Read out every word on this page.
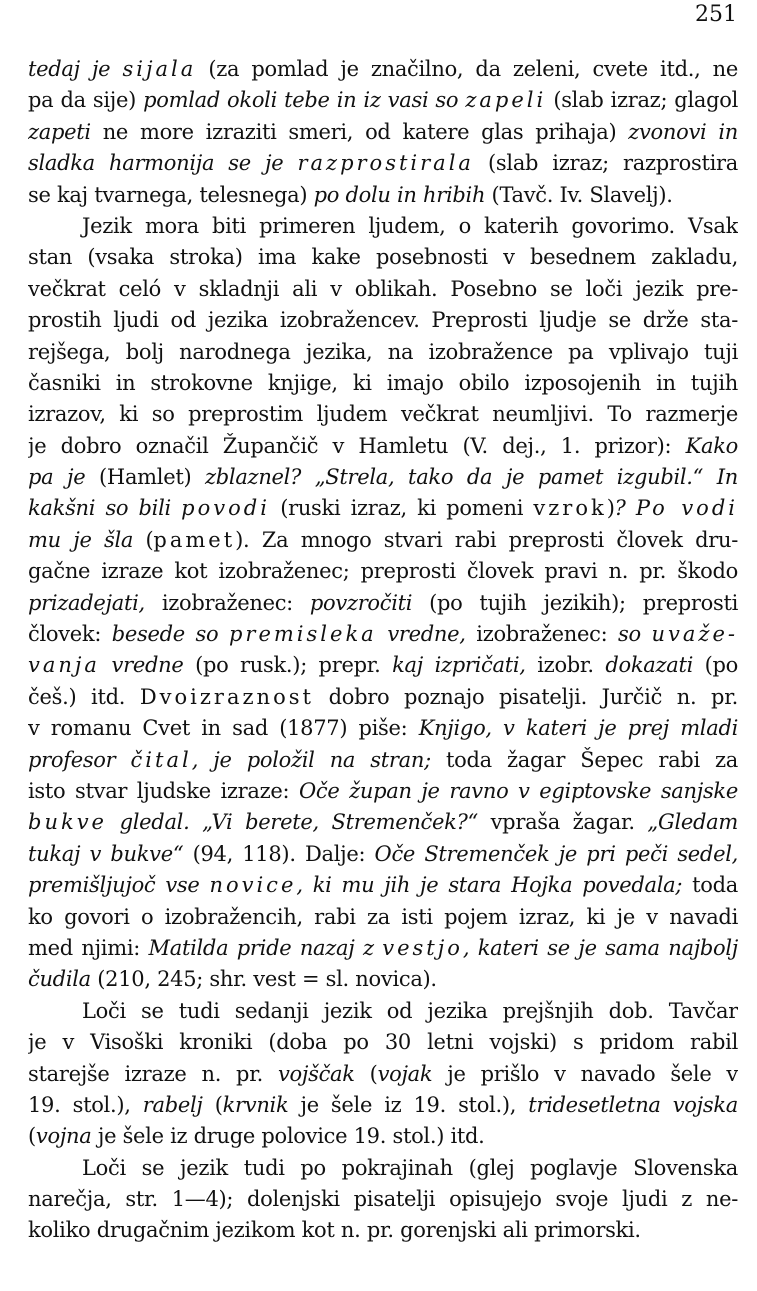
251
tedaj je sijala (za pomlad je značilno, da zeleni, cvete itd., ne
pa da sije) pomlad okoli tebe in iz vasi so zapeli (slab izraz; glagol
zapeti ne more izraziti smeri, od katere glas prihaja) zvonovi in
sladka harmonija se je razprostirala (slab izraz; razprostira
se kaj tvarnega, telesnega) po dolu in hribih (Tavč. Iv. Slavelj).
Jezik mora biti primeren ljudem, o katerih govorimo. Vsak
stan (vsaka stroka) ima kake posebnosti v besednem zakladu,
večkrat celó v skladnji ali v oblikah. Posebno se loči jezik pre-
prostih ljudi od jezika izobražencev. Preprosti ljudje se drže sta-
rejšega, bolj narodnega jezika, na izobražence pa vplivajo tuji
časniki in strokovne knjige, ki imajo obilo izposojenih in tujih
izrazov, ki so preprostim ljudem večkrat neumljivi. To razmerje
je dobro označil Župančič v Hamletu (V. dej., 1. prizor): Kako
pa je (Hamlet) zblaznel? „Strela, tako da je pamet izgubil.“ In
kakšni so bili povodi (ruski izraz, ki pomeni vzrok)? Po vodi
mu je šla (pamet). Za mnogo stvari rabi preprosti človek dru-
gačne izraze kot izobraženec; preprosti človek pravi n. pr. škodo
prizadejati, izobraženec: povzročiti (po tujih jezikih); preprosti
človek: besede so premisleka vredne, izobraženec: so uvaže-
vanja vredne (po rusk.); prepr. kaj izpričati, izobr. dokazati (po
češ.) itd. Dvoizraznost dobro poznajo pisatelji. Jurčič n. pr.
v romanu Cvet in sad (1877) piše: Knjigo, v kateri je prej mladi
profesor čital, je položil na stran; toda žagar Šepec rabi za
isto stvar ljudske izraze: Oče župan je ravno v egiptovske sanjske
bukve gledal. „Vi berete, Stremenček?“ vpraša žagar. „Gledam
tukaj v bukve“ (94, 118). Dalje: Oče Stremenček je pri peči sedel,
premišljujoč vse novice, ki mu jih je stara Hojka povedala; toda
ko govori o izobražencih, rabi za isti pojem izraz, ki je v navadi
med njimi: Matilda pride nazaj z vestjo, kateri se je sama najbolj
čudila (210, 245; shr. vest = sl. novica).
Loči se tudi sedanji jezik od jezika prejšnjih dob. Tavčar
je v Visoški kroniki (doba po 30 letni vojski) s pridom rabil
starejše izraze n. pr. vojščak (vojak je prišlo v navado šele v
19. stol.), rabelj (krvnik je šele iz 19. stol.), tridesetletna vojska
(vojna je šele iz druge polovice 19. stol.) itd.
Loči se jezik tudi po pokrajinah (glej poglavje Slovenska
narečja, str. 1—4); dolenjski pisatelji opisujejo svoje ljudi z ne-
koliko drugačnim jezikom kot n. pr. gorenjski ali primorski.
